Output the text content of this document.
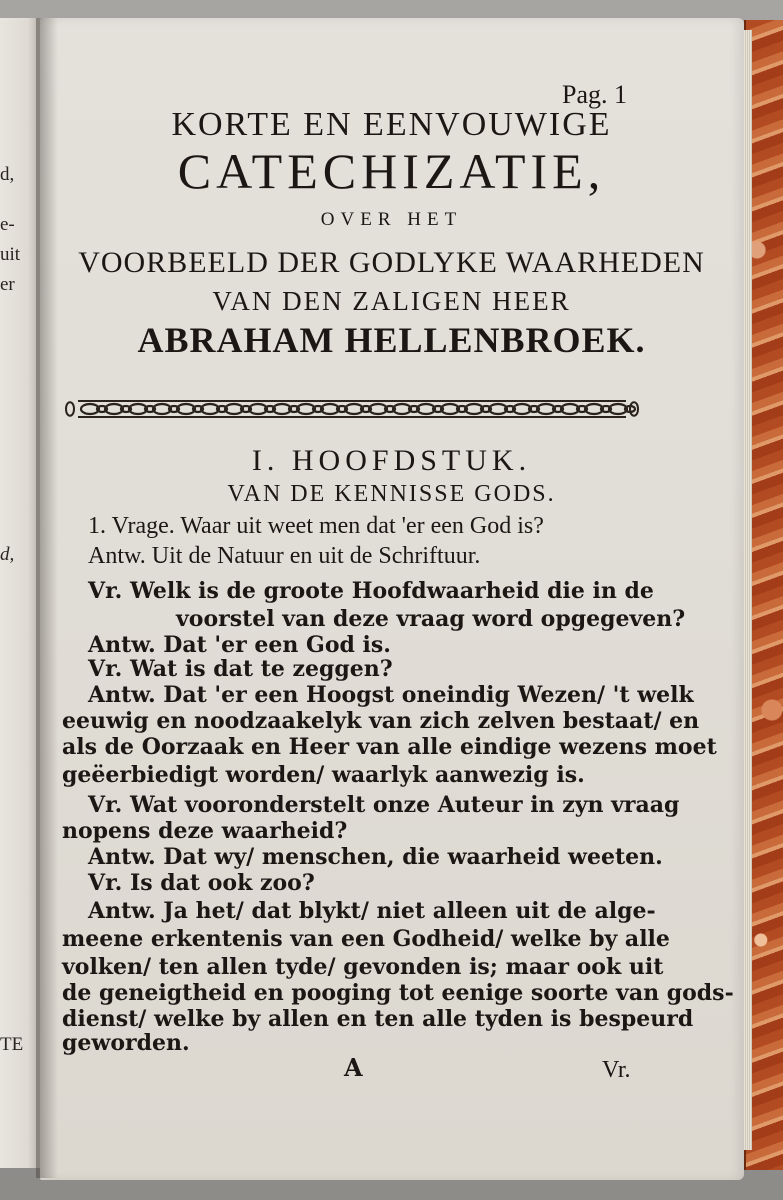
d,
e-
uit
er
d,
TE
Pag. 1
KORTE EN EENVOUWIGE
CATECHIZATIE,
OVER HET
VOORBEELD DER GODLYKE WAARHEDEN
VAN DEN ZALIGEN HEER
ABRAHAM HELLENBROEK.
I. HOOFDSTUK.
VAN DE KENNISSE GODS.
1. Vrage. Waar uit weet men dat 'er een God is?
Antw. Uit de Natuur en uit de Schriftuur.
Vr. Welk is de groote Hoofdwaarheid die in de
voorstel van deze vraag word opgegeven?
Antw. Dat 'er een God is.
Vr. Wat is dat te zeggen?
Antw. Dat 'er een Hoogst oneindig Wezen/ 't welk
eeuwig en noodzaakelyk van zich zelven bestaat/ en
als de Oorzaak en Heer van alle eindige wezens moet
geëerbiedigt worden/ waarlyk aanwezig is.
Vr. Wat vooronderstelt onze Auteur in zyn vraag
nopens deze waarheid?
Antw. Dat wy/ menschen, die waarheid weeten.
Vr. Is dat ook zoo?
Antw. Ja het/ dat blykt/ niet alleen uit de alge-
meene erkentenis van een Godheid/ welke by alle
volken/ ten allen tyde/ gevonden is; maar ook uit
de geneigtheid en pooging tot eenige soorte van gods-
dienst/ welke by allen en ten alle tyden is bespeurd
geworden.
A	Vr.
